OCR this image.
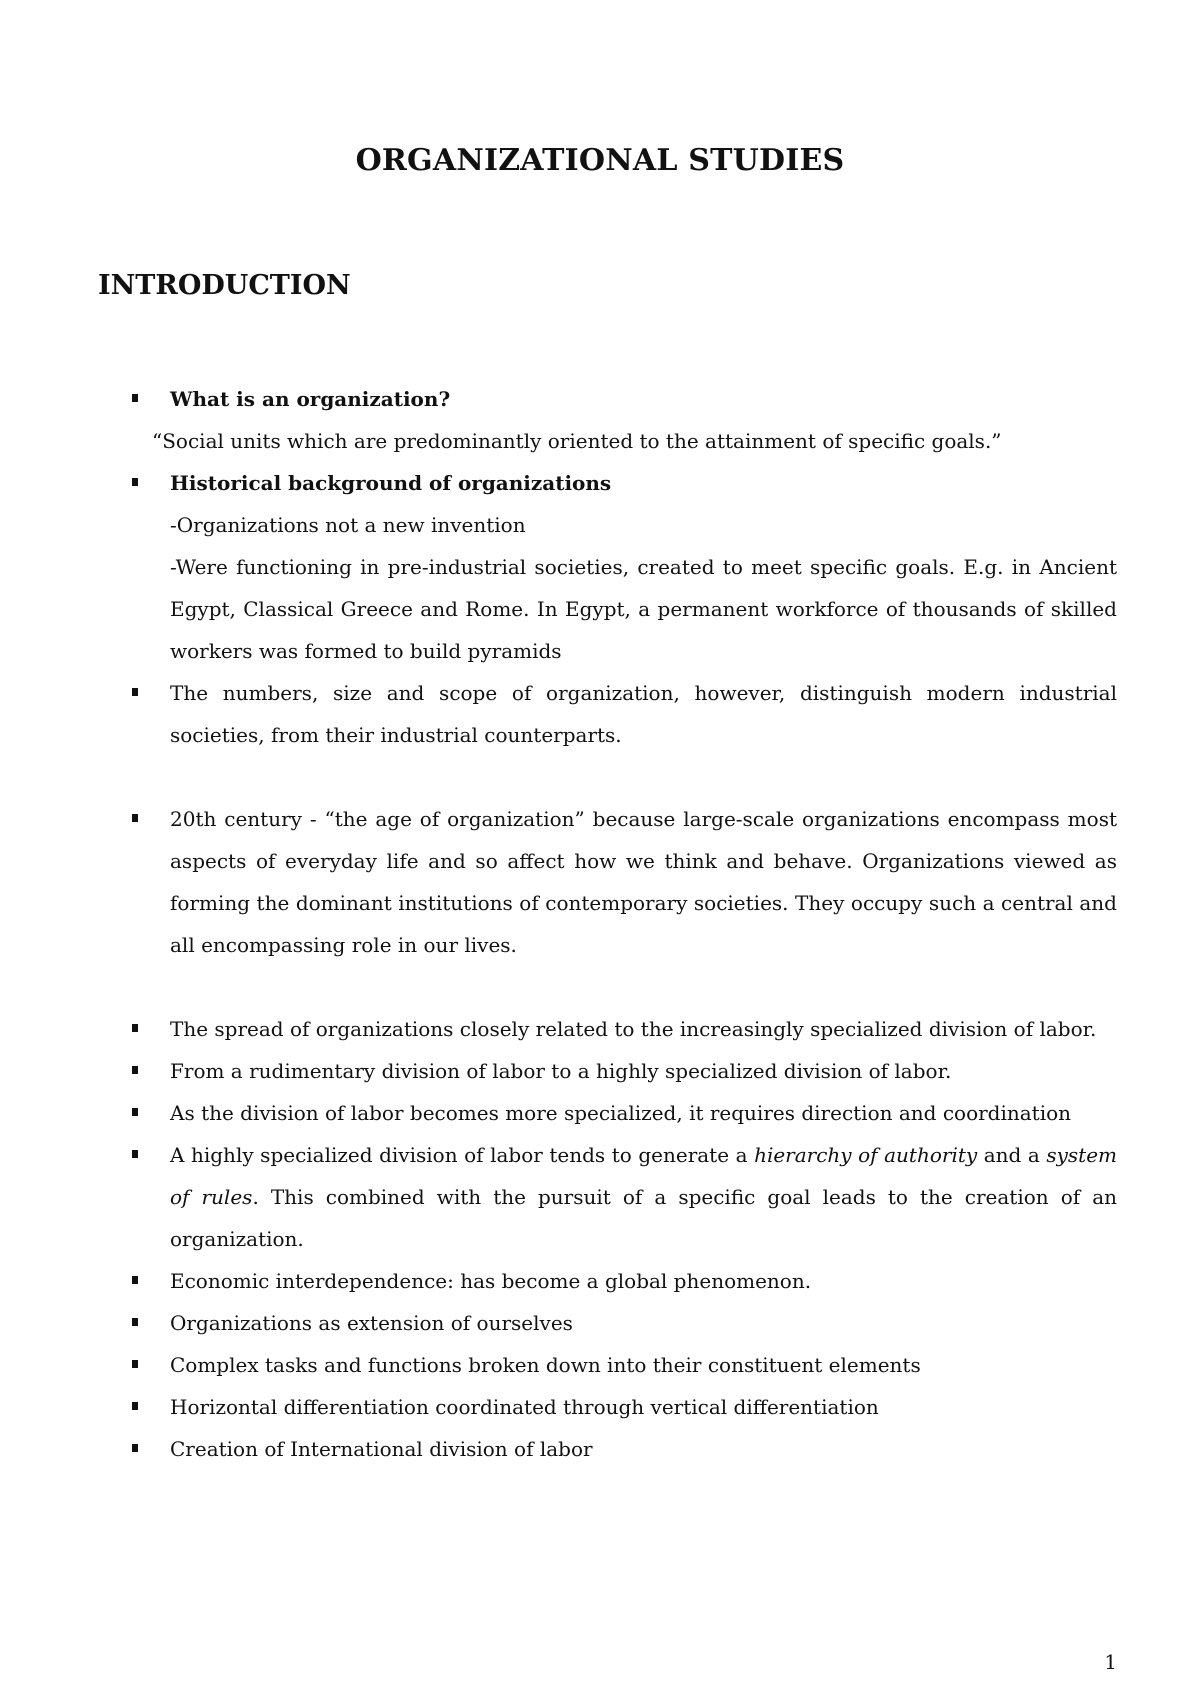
ORGANIZATIONAL STUDIES
INTRODUCTION
What is an organization?
“Social units which are predominantly oriented to the attainment of specific goals.”
Historical background of organizations
-Organizations not a new invention
-Were functioning in pre-industrial societies, created to meet specific goals. E.g. in Ancient Egypt, Classical Greece and Rome. In Egypt, a permanent workforce of thousands of skilled workers was formed to build pyramids
The numbers, size and scope of organization, however, distinguish modern industrial societies, from their industrial counterparts.
20th century - “the age of organization” because large-scale organizations encompass most aspects of everyday life and so affect how we think and behave. Organizations viewed as forming the dominant institutions of contemporary societies. They occupy such a central and all encompassing role in our lives.
The spread of organizations closely related to the increasingly specialized division of labor.
From a rudimentary division of labor to a highly specialized division of labor.
As the division of labor becomes more specialized, it requires direction and coordination
A highly specialized division of labor tends to generate a hierarchy of authority and a system of rules. This combined with the pursuit of a specific goal leads to the creation of an organization.
Economic interdependence: has become a global phenomenon.
Organizations as extension of ourselves
Complex tasks and functions broken down into their constituent elements
Horizontal differentiation coordinated through vertical differentiation
Creation of International division of labor
1
